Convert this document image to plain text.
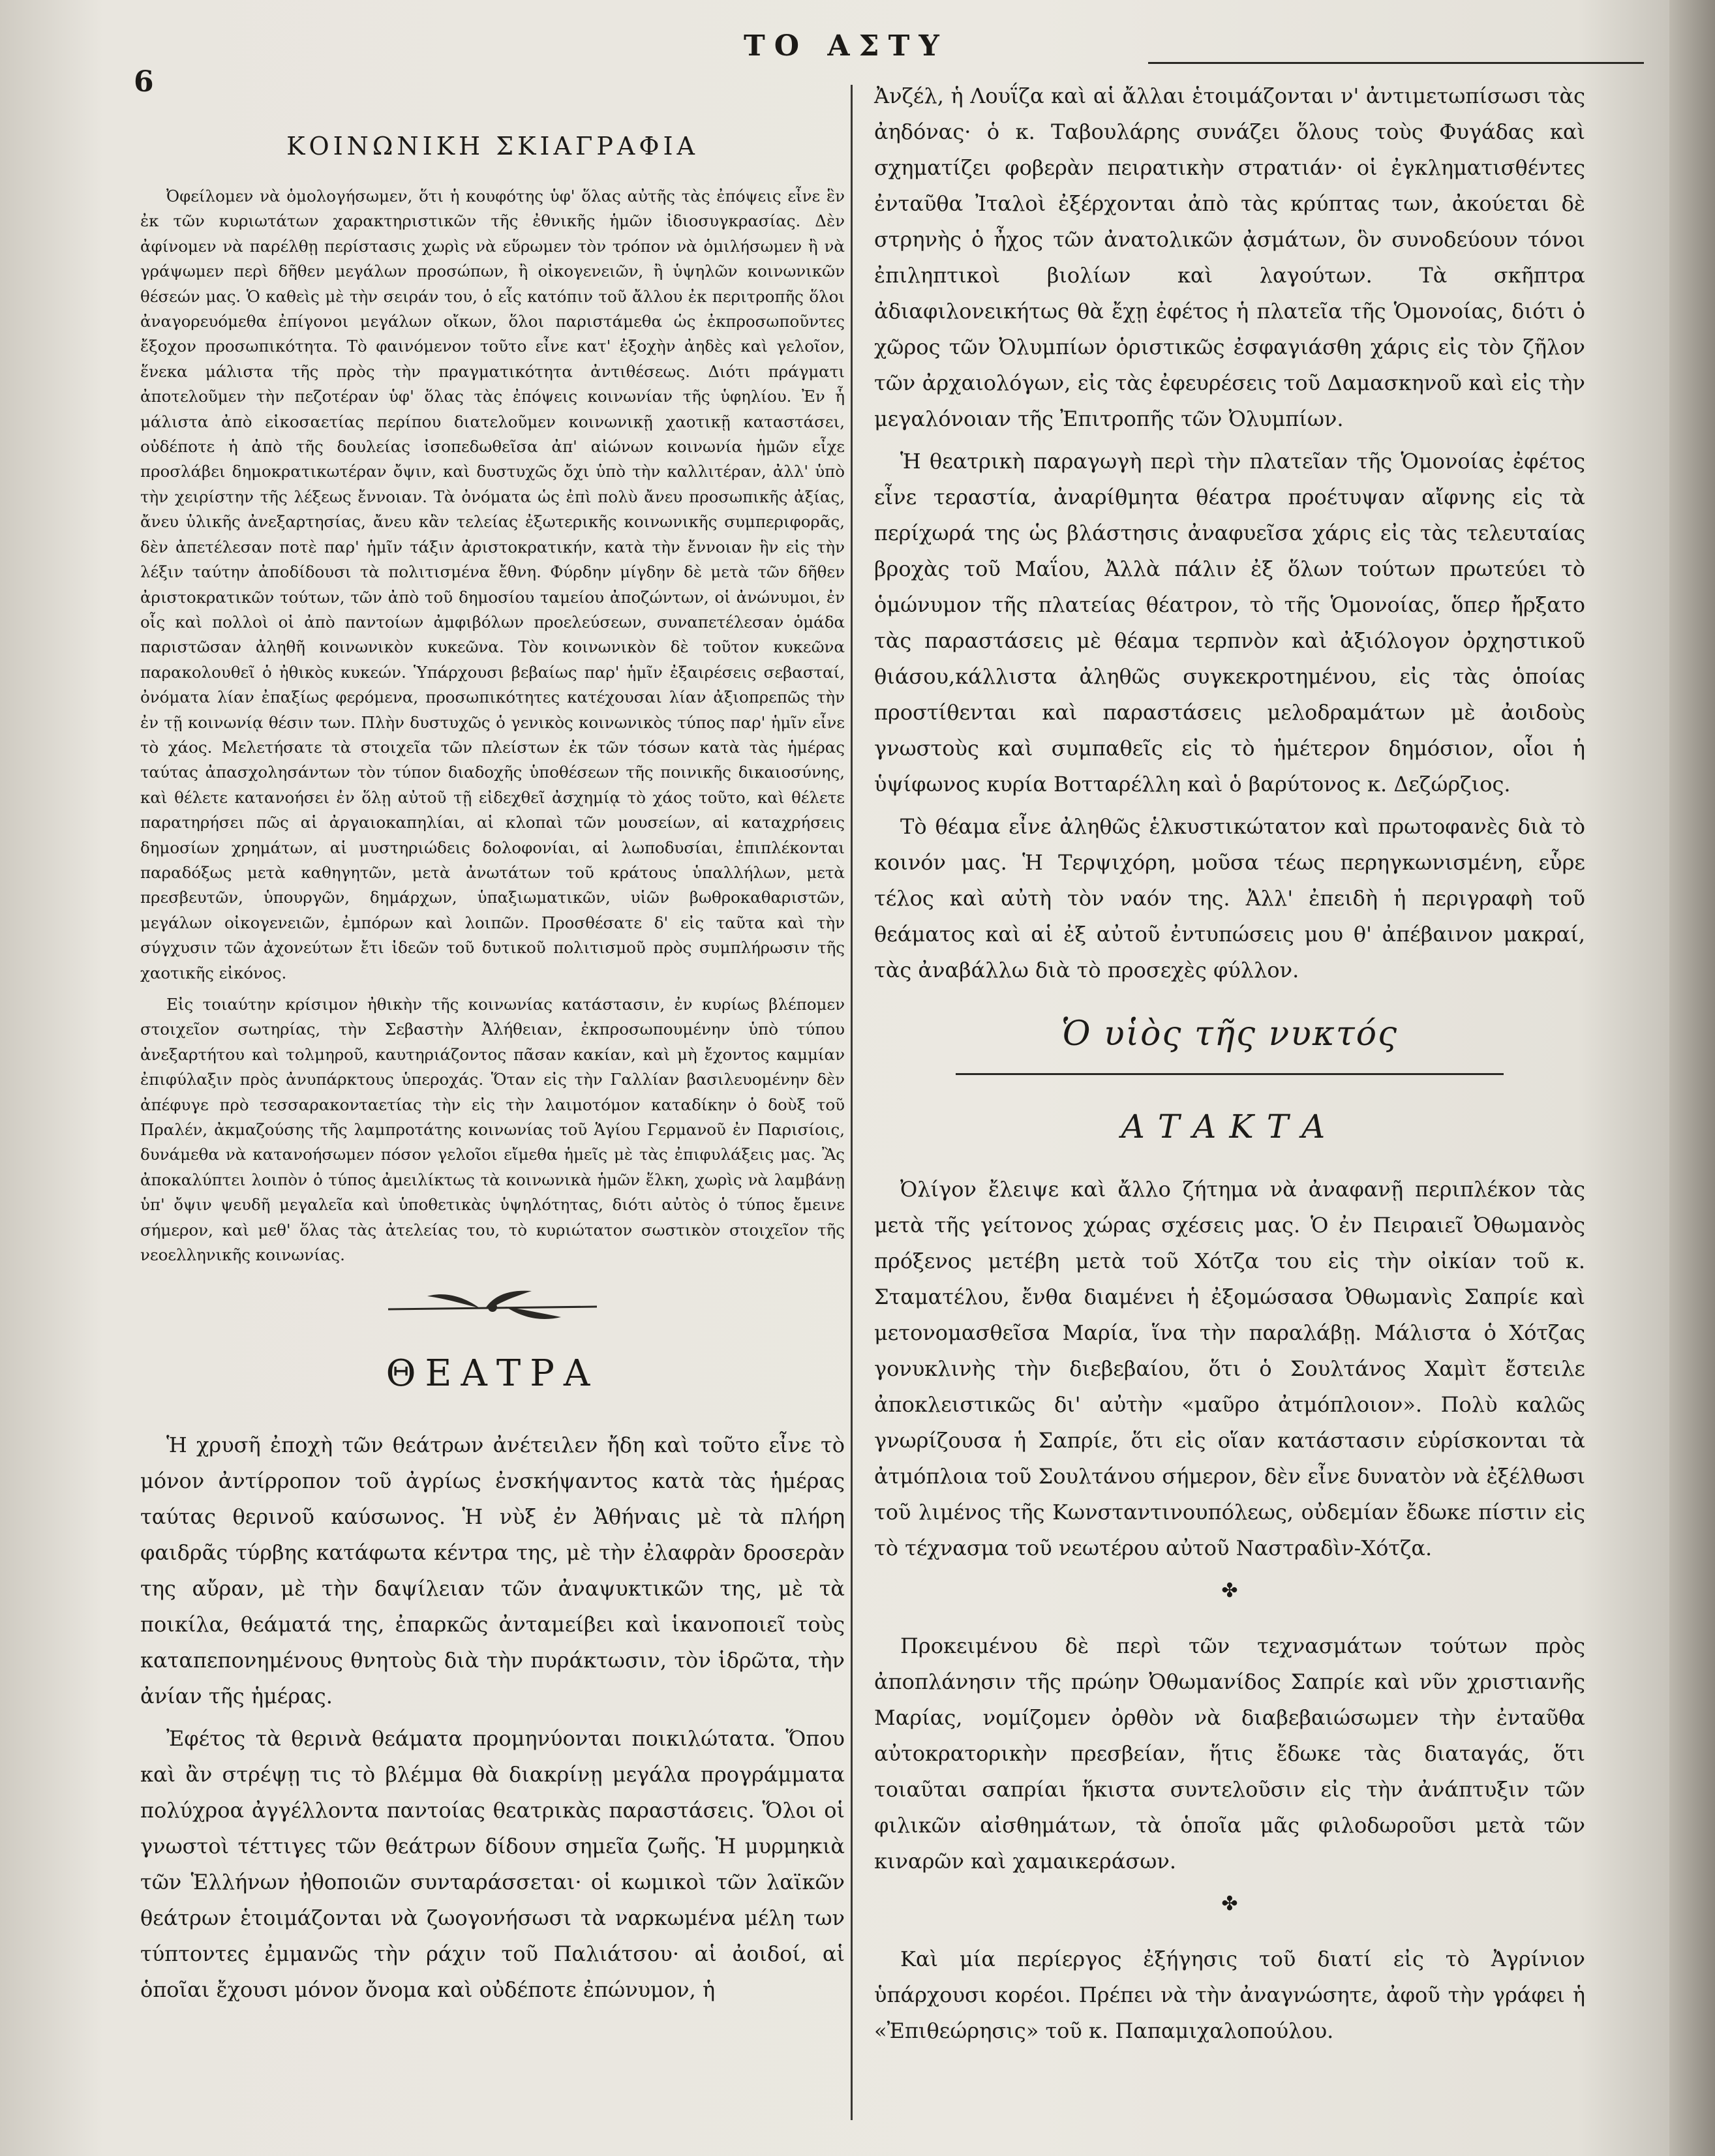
6
ΤΟ ΑΣΤΥ
ΚΟΙΝΩΝΙΚΗ ΣΚΙΑΓΡΑΦΙΑ

Ὀφείλομεν νὰ ὁμολογήσωμεν, ὅτι ἡ κουφότης ὑφ' ὅλας αὐτῆς τὰς ἐπόψεις εἶνε ἓν ἐκ τῶν κυριωτάτων χαρακτηριστικῶν τῆς ἐθνικῆς ἡμῶν ἰδιοσυγκρασίας. Δὲν ἀφίνομεν νὰ παρέλθῃ περίστασις χωρὶς νὰ εὕρωμεν τὸν τρόπον νὰ ὁμιλήσωμεν ἢ νὰ γράψωμεν περὶ δῆθεν μεγάλων προσώπων, ἢ οἰκογενειῶν, ἢ ὑψηλῶν κοινωνικῶν θέσεών μας. Ὁ καθεὶς μὲ τὴν σειράν του, ὁ εἷς κατόπιν τοῦ ἄλλου ἐκ περιτροπῆς ὅλοι ἀναγορευόμεθα ἐπίγονοι μεγάλων οἴκων, ὅλοι παριστάμεθα ὡς ἐκπροσωποῦντες ἔξοχον προσωπικότητα. Τὸ φαινόμενον τοῦτο εἶνε κατ' ἐξοχὴν ἀηδὲς καὶ γελοῖον, ἕνεκα μάλιστα τῆς πρὸς τὴν πραγματικότητα ἀντιθέσεως. Διότι πράγματι ἀποτελοῦμεν τὴν πεζοτέραν ὑφ' ὅλας τὰς ἐπόψεις κοινωνίαν τῆς ὑφηλίου. Ἐν ἧ μάλιστα ἀπὸ εἰκοσαετίας περίπου διατελοῦμεν κοινωνικῇ χαοτικῇ καταστάσει, οὐδέποτε ἡ ἀπὸ τῆς δουλείας ἰσοπεδωθεῖσα ἀπ' αἰώνων κοινωνία ἡμῶν εἶχε προσλάβει δημοκρατικωτέραν ὄψιν, καὶ δυστυχῶς ὄχι ὑπὸ τὴν καλλιτέραν, ἀλλ' ὑπὸ τὴν χειρίστην τῆς λέξεως ἔννοιαν. Τὰ ὀνόματα ὡς ἐπὶ πολὺ ἄνευ προσωπικῆς ἀξίας, ἄνευ ὑλικῆς ἀνεξαρτησίας, ἄνευ κἂν τελείας ἐξωτερικῆς κοινωνικῆς συμπεριφορᾶς, δὲν ἀπετέλεσαν ποτὲ παρ' ἡμῖν τάξιν ἀριστοκρατικήν, κατὰ τὴν ἔννοιαν ἣν εἰς τὴν λέξιν ταύτην ἀποδίδουσι τὰ πολιτισμένα ἔθνη. Φύρδην μίγδην δὲ μετὰ τῶν δῆθεν ἀριστοκρατικῶν τούτων, τῶν ἀπὸ τοῦ δημοσίου ταμείου ἀποζώντων, οἱ ἀνώνυμοι, ἐν οἷς καὶ πολλοὶ οἱ ἀπὸ παντοίων ἀμφιβόλων προελεύσεων, συναπετέλεσαν ὁμάδα παριστῶσαν ἀληθῆ κοινωνικὸν κυκεῶνα. Τὸν κοινωνικὸν δὲ τοῦτον κυκεῶνα παρακολουθεῖ ὁ ἠθικὸς κυκεών. Ὑπάρχουσι βεβαίως παρ' ἡμῖν ἐξαιρέσεις σεβασταί, ὀνόματα λίαν ἐπαξίως φερόμενα, προσωπικότητες κατέχουσαι λίαν ἀξιοπρεπῶς τὴν ἐν τῇ κοινωνίᾳ θέσιν των. Πλὴν δυστυχῶς ὁ γενικὸς κοινωνικὸς τύπος παρ' ἡμῖν εἶνε τὸ χάος. Μελετήσατε τὰ στοιχεῖα τῶν πλείστων ἐκ τῶν τόσων κατὰ τὰς ἡμέρας ταύτας ἀπασχολησάντων τὸν τύπον διαδοχῆς ὑποθέσεων τῆς ποινικῆς δικαιοσύνης, καὶ θέλετε κατανοήσει ἐν ὅλῃ αὐτοῦ τῇ εἰδεχθεῖ ἀσχημίᾳ τὸ χάος τοῦτο, καὶ θέλετε παρατηρήσει πῶς αἱ ἀργαιοκαπηλίαι, αἱ κλοπαὶ τῶν μουσείων, αἱ καταχρήσεις δημοσίων χρημάτων, αἱ μυστηριώδεις δολοφονίαι, αἱ λωποδυσίαι, ἐπιπλέκονται παραδόξως μετὰ καθηγητῶν, μετὰ ἀνωτάτων τοῦ κράτους ὑπαλλήλων, μετὰ πρεσβευτῶν, ὑπουργῶν, δημάρχων, ὑπαξιωματικῶν, υἱῶν βωθροκαθαριστῶν, μεγάλων οἰκογενειῶν, ἐμπόρων καὶ λοιπῶν. Προσθέσατε δ' εἰς ταῦτα καὶ τὴν σύγχυσιν τῶν ἀχονεύτων ἔτι ἰδεῶν τοῦ δυτικοῦ πολιτισμοῦ πρὸς συμπλήρωσιν τῆς χαοτικῆς εἰκόνος.

Εἰς τοιαύτην κρίσιμον ἠθικὴν τῆς κοινωνίας κατάστασιν, ἐν κυρίως βλέπομεν στοιχεῖον σωτηρίας, τὴν Σεβαστὴν Ἀλήθειαν, ἐκπροσωπουμένην ὑπὸ τύπου ἀνεξαρτήτου καὶ τολμηροῦ, καυτηριάζοντος πᾶσαν κακίαν, καὶ μὴ ἔχοντος καμμίαν ἐπιφύλαξιν πρὸς ἀνυπάρκτους ὑπεροχάς. Ὅταν εἰς τὴν Γαλλίαν βασιλευομένην δὲν ἀπέφυγε πρὸ τεσσαρακονταετίας τὴν εἰς τὴν λαιμοτόμον καταδίκην ὁ δοὺξ τοῦ Πραλέν, ἀκμαζούσης τῆς λαμπροτάτης κοινωνίας τοῦ Ἁγίου Γερμανοῦ ἐν Παρισίοις, δυνάμεθα νὰ κατανοήσωμεν πόσον γελοῖοι εἴμεθα ἡμεῖς μὲ τὰς ἐπιφυλάξεις μας. Ἂς ἀποκαλύπτει λοιπὸν ὁ τύπος ἀμειλίκτως τὰ κοινωνικὰ ἡμῶν ἕλκη, χωρὶς νὰ λαμβάνῃ ὑπ' ὄψιν ψευδῆ μεγαλεῖα καὶ ὑποθετικὰς ὑψηλότητας, διότι αὐτὸς ὁ τύπος ἔμεινε σήμερον, καὶ μεθ' ὅλας τὰς ἀτελείας του, τὸ κυριώτατον σωστικὸν στοιχεῖον τῆς νεοελληνικῆς κοινωνίας.

ΘΕΑΤΡΑ

Ἡ χρυσῆ ἐποχὴ τῶν θεάτρων ἀνέτειλεν ἤδη καὶ τοῦτο εἶνε τὸ μόνον ἀντίρροπον τοῦ ἀγρίως ἐνσκήψαντος κατὰ τὰς ἡμέρας ταύτας θερινοῦ καύσωνος. Ἡ νὺξ ἐν Ἀθήναις μὲ τὰ πλήρη φαιδρᾶς τύρβης κατάφωτα κέντρα της, μὲ τὴν ἐλαφρὰν δροσερὰν της αὔραν, μὲ τὴν δαψίλειαν τῶν ἀναψυκτικῶν της, μὲ τὰ ποικίλα, θεάματά της, ἐπαρκῶς ἀνταμείβει καὶ ἱκανοποιεῖ τοὺς καταπεπονημένους θνητοὺς διὰ τὴν πυράκτωσιν, τὸν ἱδρῶτα, τὴν ἀνίαν τῆς ἡμέρας.

Ἐφέτος τὰ θερινὰ θεάματα προμηνύονται ποικιλώτατα. Ὅπου καὶ ἂν στρέψῃ τις τὸ βλέμμα θὰ διακρίνῃ μεγάλα προγράμματα πολύχροα ἀγγέλλοντα παντοίας θεατρικὰς παραστάσεις. Ὅλοι οἱ γνωστοὶ τέττιγες τῶν θεάτρων δίδουν σημεῖα ζωῆς. Ἡ μυρμηκιὰ τῶν Ἑλλήνων ἠθοποιῶν συνταράσσεται· οἱ κωμικοὶ τῶν λαϊκῶν θεάτρων ἑτοιμάζονται νὰ ζωογονήσωσι τὰ ναρκωμένα μέλη των τύπτοντες ἐμμανῶς τὴν ράχιν τοῦ Παλιάτσου· αἱ ἀοιδοί, αἱ ὁποῖαι ἔχουσι μόνον ὄνομα καὶ οὐδέποτε ἐπώνυμον, ἡ

Ἀνζέλ, ἡ Λουΐζα καὶ αἱ ἄλλαι ἑτοιμάζονται ν' ἀντιμετωπίσωσι τὰς ἀηδόνας· ὁ κ. Ταβουλάρης συνάζει ὅλους τοὺς Φυγάδας καὶ σχηματίζει φοβερὰν πειρατικὴν στρατιάν· οἱ ἐγκληματισθέντες ἐνταῦθα Ἰταλοὶ ἐξέρχονται ἀπὸ τὰς κρύπτας των, ἀκούεται δὲ στρηνὴς ὁ ἦχος τῶν ἀνατολικῶν ᾀσμάτων, ὃν συνοδεύουν τόνοι ἐπιληπτικοὶ βιολίων καὶ λαγούτων. Τὰ σκῆπτρα ἀδιαφιλονεικήτως θὰ ἔχῃ ἐφέτος ἡ πλατεῖα τῆς Ὁμονοίας, διότι ὁ χῶρος τῶν Ὀλυμπίων ὁριστικῶς ἐσφαγιάσθη χάρις εἰς τὸν ζῆλον τῶν ἀρχαιολόγων, εἰς τὰς ἐφευρέσεις τοῦ Δαμασκηνοῦ καὶ εἰς τὴν μεγαλόνοιαν τῆς Ἐπιτροπῆς τῶν Ὀλυμπίων.

Ἡ θεατρικὴ παραγωγὴ περὶ τὴν πλατεῖαν τῆς Ὁμονοίας ἐφέτος εἶνε τεραστία, ἀναρίθμητα θέατρα προέτυψαν αἴφνης εἰς τὰ περίχωρά της ὡς βλάστησις ἀναφυεῖσα χάρις εἰς τὰς τελευταίας βροχὰς τοῦ Μαΐου, Ἀλλὰ πάλιν ἐξ ὅλων τούτων πρωτεύει τὸ ὁμώνυμον τῆς πλατείας θέατρον, τὸ τῆς Ὁμονοίας, ὅπερ ἤρξατο τὰς παραστάσεις μὲ θέαμα τερπνὸν καὶ ἀξιόλογον ὀρχηστικοῦ θιάσου,κάλλιστα ἀληθῶς συγκεκροτημένου, εἰς τὰς ὁποίας προστίθενται καὶ παραστάσεις μελοδραμάτων μὲ ἀοιδοὺς γνωστοὺς καὶ συμπαθεῖς εἰς τὸ ἡμέτερον δημόσιον, οἷοι ἡ ὑψίφωνος κυρία Βοτταρέλλη καὶ ὁ βαρύτονος κ. Δεζώρζιος.

Τὸ θέαμα εἶνε ἀληθῶς ἑλκυστικώτατον καὶ πρωτοφανὲς διὰ τὸ κοινόν μας. Ἡ Τερψιχόρη, μοῦσα τέως περηγκωνισμένη, εὗρε τέλος καὶ αὐτὴ τὸν ναόν της. Ἀλλ' ἐπειδὴ ἡ περιγραφὴ τοῦ θεάματος καὶ αἱ ἐξ αὐτοῦ ἐντυπώσεις μου θ' ἀπέβαινον μακραί, τὰς ἀναβάλλω διὰ τὸ προσεχὲς φύλλον.

Ὁ υἱὸς τῆς νυκτός
ΑΤΑΚΤΑ

Ὀλίγον ἔλειψε καὶ ἄλλο ζήτημα νὰ ἀναφανῇ περιπλέκον τὰς μετὰ τῆς γείτονος χώρας σχέσεις μας. Ὁ ἐν Πειραιεῖ Ὀθωμανὸς πρόξενος μετέβη μετὰ τοῦ Χότζα του εἰς τὴν οἰκίαν τοῦ κ. Σταματέλου, ἔνθα διαμένει ἡ ἐξομώσασα Ὀθωμανὶς Σαπρίε καὶ μετονομασθεῖσα Μαρία, ἵνα τὴν παραλάβῃ. Μάλιστα ὁ Χότζας γονυκλινὴς τὴν διεβεβαίου, ὅτι ὁ Σουλτάνος Χαμὶτ ἔστειλε ἀποκλειστικῶς δι' αὐτὴν «μαῦρο ἀτμόπλοιον». Πολὺ καλῶς γνωρίζουσα ἡ Σαπρίε, ὅτι εἰς οἵαν κατάστασιν εὑρίσκονται τὰ ἀτμόπλοια τοῦ Σουλτάνου σήμερον, δὲν εἶνε δυνατὸν νὰ ἐξέλθωσι τοῦ λιμένος τῆς Κωνσταντινουπόλεως, οὐδεμίαν ἔδωκε πίστιν εἰς τὸ τέχνασμα τοῦ νεωτέρου αὐτοῦ Ναστραδὶν-Χότζα.

✤

Προκειμένου δὲ περὶ τῶν τεχνασμάτων τούτων πρὸς ἀποπλάνησιν τῆς πρώην Ὀθωμανίδος Σαπρίε καὶ νῦν χριστιανῆς Μαρίας, νομίζομεν ὀρθὸν νὰ διαβεβαιώσωμεν τὴν ἐνταῦθα αὐτοκρατορικὴν πρεσβείαν, ἥτις ἔδωκε τὰς διαταγάς, ὅτι τοιαῦται σαπρίαι ἥκιστα συντελοῦσιν εἰς τὴν ἀνάπτυξιν τῶν φιλικῶν αἰσθημάτων, τὰ ὁποῖα μᾶς φιλοδωροῦσι μετὰ τῶν κιναρῶν καὶ χαμαικεράσων.

✤

Καὶ μία περίεργος ἐξήγησις τοῦ διατί εἰς τὸ Ἀγρίνιον ὑπάρχουσι κορέοι. Πρέπει νὰ τὴν ἀναγνώσητε, ἀφοῦ τὴν γράφει ἡ «Ἐπιθεώρησις» τοῦ κ. Παπαμιχαλοπούλου.
